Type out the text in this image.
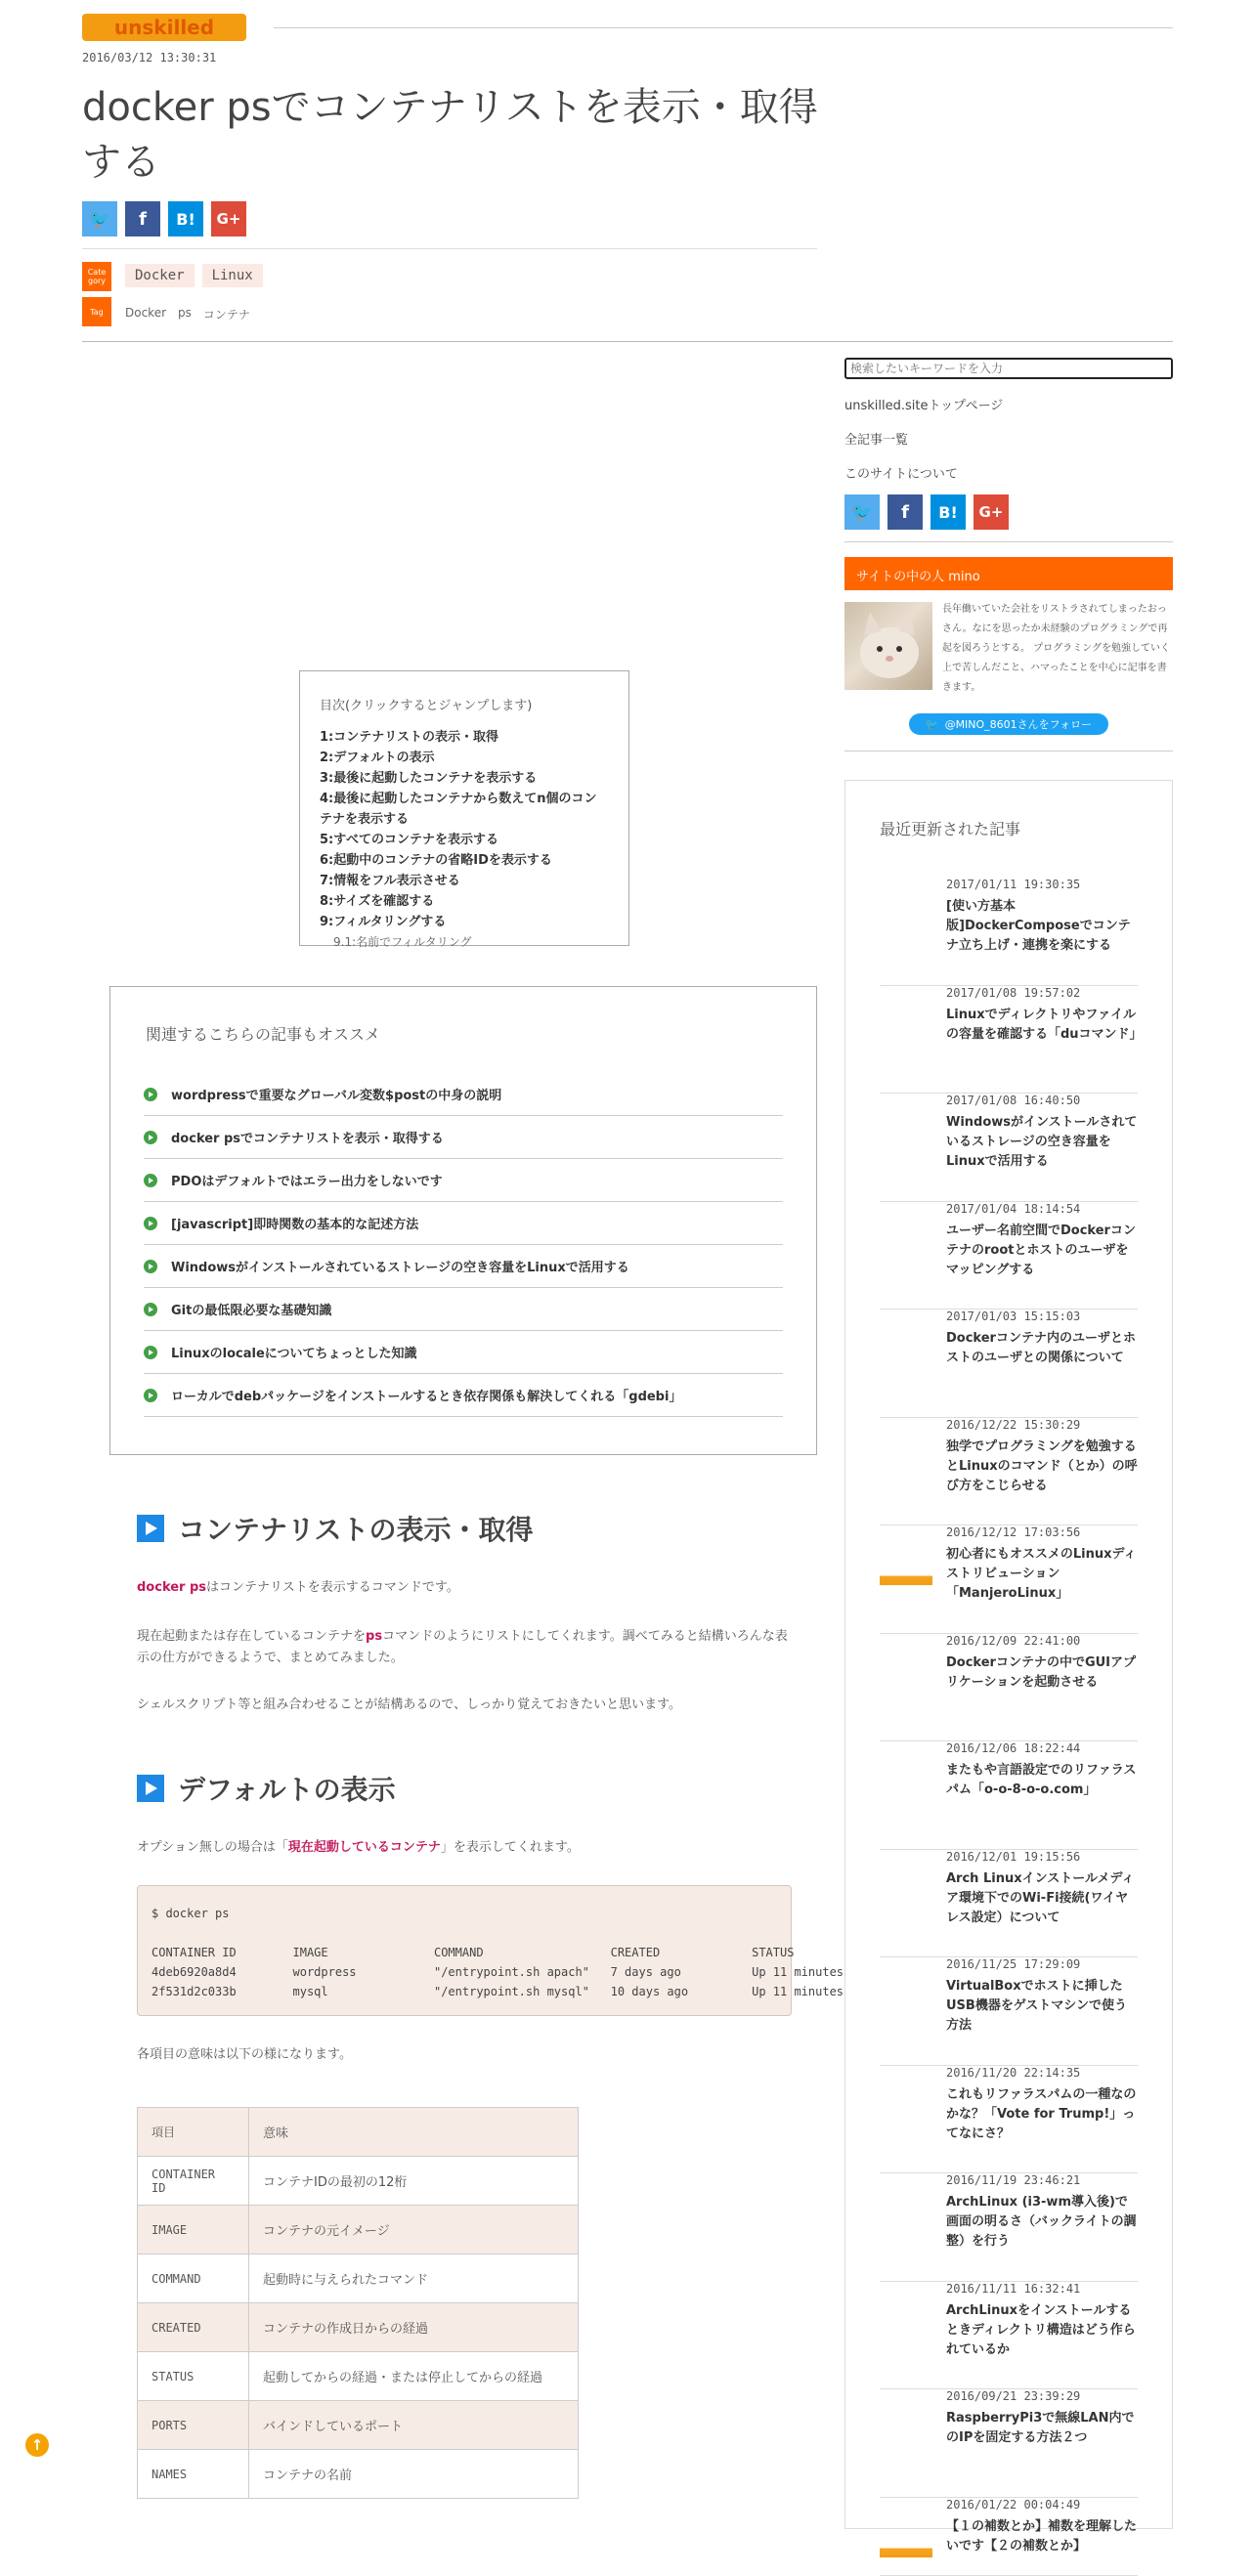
unskilled
2016/03/12 13:30:31
docker psでコンテナリストを表示・取得する
🐦 f B! G+
Cate gory	Docker	Linux
Tag	Docker ps コンテナ
検索したいキーワードを入力
unskilled.siteトップページ
全記事一覧
このサイトについて
🐦 f B! G+
サイトの中の人 mino
長年働いていた会社をリストラされてしまったおっさん。なにを思ったか未経験のプログラミングで再起を図ろうとする。 プログラミングを勉強していく上で苦しんだこと、ハマったことを中心に記事を書きます。
🐦 @MINO_8601さんをフォロー
最近更新された記事
2017/01/11 19:30:35
[使い方基本版]DockerComposeでコンテナ立ち上げ・連携を楽にする
2017/01/08 19:57:02
Linuxでディレクトリやファイルの容量を確認する「duコマンド」
2017/01/08 16:40:50
Windowsがインストールされているストレージの空き容量をLinuxで活用する
2017/01/04 18:14:54
ユーザー名前空間でDockerコンテナのrootとホストのユーザをマッピングする
2017/01/03 15:15:03
Dockerコンテナ内のユーザとホストのユーザとの関係について
2016/12/22 15:30:29
独学でプログラミングを勉強するとLinuxのコマンド（とか）の呼び方をこじらせる
2016/12/12 17:03:56
初心者にもオススメのLinuxディストリビューション「ManjeroLinux」
2016/12/09 22:41:00
Dockerコンテナの中でGUIアプリケーションを起動させる
2016/12/06 18:22:44
またもや言語設定でのリファラスパム「o-o-8-o-o.com」
2016/12/01 19:15:56
Arch Linuxインストールメディア環境下でのWi-Fi接続(ワイヤレス設定）について
2016/11/25 17:29:09
VirtualBoxでホストに挿したUSB機器をゲストマシンで使う方法
2016/11/20 22:14:35
これもリファラスパムの一種なのかな？「Vote for Trump!」ってなにさ？
2016/11/19 23:46:21
ArchLinux (i3-wm導入後)で画面の明るさ（バックライトの調整）を行う
2016/11/11 16:32:41
ArchLinuxをインストールするときディレクトリ構造はどう作られているか
2016/09/21 23:39:29
RaspberryPi3で無線LAN内でのIPを固定する方法２つ
2016/01/22 00:04:49
【１の補数とか】補数を理解したいです【２の補数とか】
目次(クリックするとジャンプします)
1:コンテナリストの表示・取得
2:デフォルトの表示
3:最後に起動したコンテナを表示する
4:最後に起動したコンテナから数えてn個のコンテナを表示する
5:すべてのコンテナを表示する
6:起動中のコンテナの省略IDを表示する
7:情報をフル表示させる
8:サイズを確認する
9:フィルタリングする
9.1:名前でフィルタリング
関連するこちらの記事もオススメ
wordpressで重要なグローバル変数$postの中身の説明
docker psでコンテナリストを表示・取得する
PDOはデフォルトではエラー出力をしないです
[javascript]即時関数の基本的な記述方法
Windowsがインストールされているストレージの空き容量をLinuxで活用する
Gitの最低限必要な基礎知識
Linuxのlocaleについてちょっとした知識
ローカルでdebパッケージをインストールするとき依存関係も解決してくれる「gdebi」
コンテナリストの表示・取得

docker psはコンテナリストを表示するコマンドです。

現在起動または存在しているコンテナをpsコマンドのようにリストにしてくれます。調べてみると結構いろんな表示の仕方ができるようで、まとめてみました。

シェルスクリプト等と組み合わせることが結構あるので、しっかり覚えておきたいと思います。

デフォルトの表示

オプション無しの場合は「現在起動しているコンテナ」を表示してくれます。

$ docker ps

CONTAINER ID        IMAGE               COMMAND                  CREATED             STATUS
4deb6920a8d4        wordpress           "/entrypoint.sh apach"   7 days ago          Up 11 minutes
2f531d2c033b        mysql               "/entrypoint.sh mysql"   10 days ago         Up 11 minutes

各項目の意味は以下の様になります。

項目	意味
CONTAINER ID	コンテナIDの最初の12桁
IMAGE	コンテナの元イメージ
COMMAND	起動時に与えられたコマンド
CREATED	コンテナの作成日からの経過
STATUS	起動してからの経過・または停止してからの経過
PORTS	バインドしているポート
NAMES	コンテナの名前
↑
